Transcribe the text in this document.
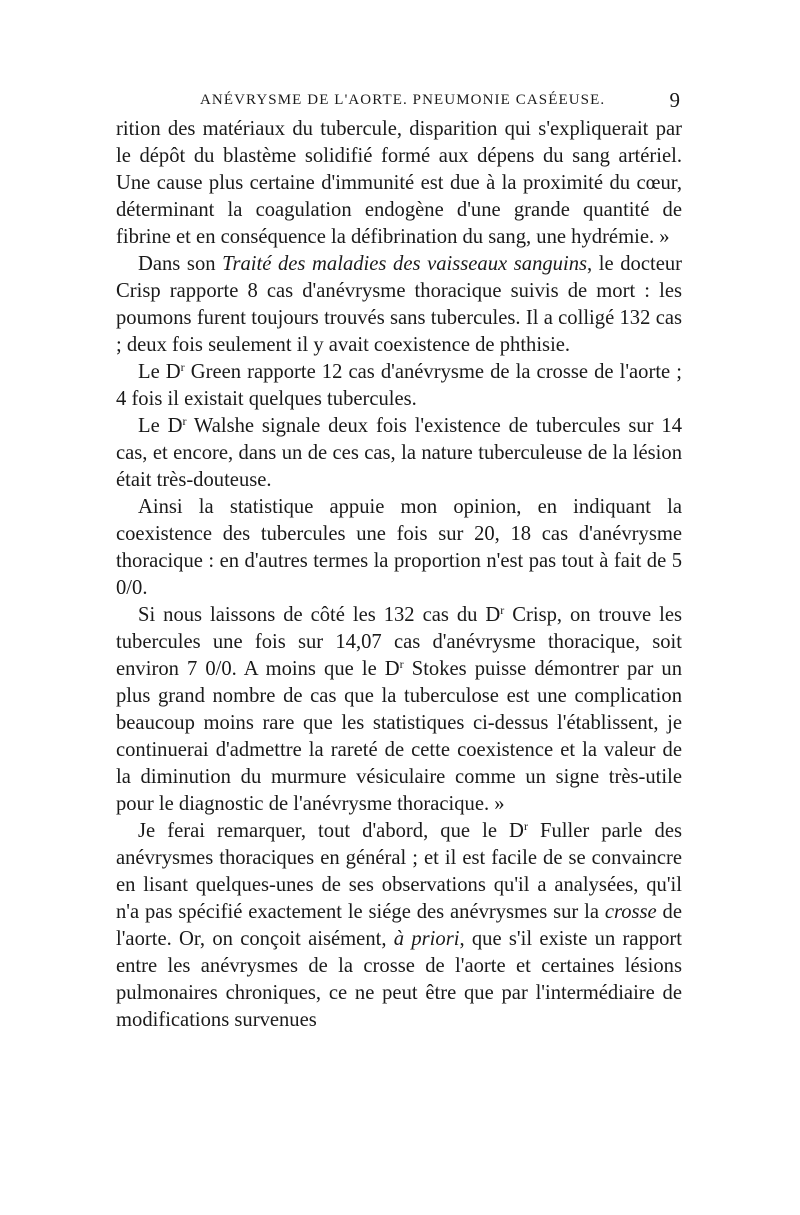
ANÉVRYSME DE L'AORTE. PNEUMONIE CASÉEUSE.	9

rition des matériaux du tubercule, disparition qui s'expliquerait par le dépôt du blastème solidifié formé aux dépens du sang artériel. Une cause plus certaine d'immunité est due à la proximité du cœur, déterminant la coagulation endogène d'une grande quantité de fibrine et en conséquence la défibrination du sang, une hydrémie. »

Dans son Traité des maladies des vaisseaux sanguins, le docteur Crisp rapporte 8 cas d'anévrysme thoracique suivis de mort : les poumons furent toujours trouvés sans tubercules. Il a colligé 132 cas ; deux fois seulement il y avait coexistence de phthisie.

Le $D^r$ Green rapporte 12 cas d'anévrysme de la crosse de l'aorte ; 4 fois il existait quelques tubercules.

Le $D^r$ Walshe signale deux fois l'existence de tubercules sur 14 cas, et encore, dans un de ces cas, la nature tuberculeuse de la lésion était très-douteuse.

Ainsi la statistique appuie mon opinion, en indiquant la coexistence des tubercules une fois sur 20, 18 cas d'anévrysme thoracique : en d'autres termes la proportion n'est pas tout à fait de 5 0/0.

Si nous laissons de côté les 132 cas du $D^r$ Crisp, on trouve les tubercules une fois sur 14,07 cas d'anévrysme thoracique, soit environ 7 0/0. A moins que le $D^r$ Stokes puisse démontrer par un plus grand nombre de cas que la tuberculose est une complication beaucoup moins rare que les statistiques ci-dessus l'établissent, je continuerai d'admettre la rareté de cette coexistence et la valeur de la diminution du murmure vésiculaire comme un signe très-utile pour le diagnostic de l'anévrysme thoracique. »

Je ferai remarquer, tout d'abord, que le $D^r$ Fuller parle des anévrysmes thoraciques en général ; et il est facile de se convaincre en lisant quelques-unes de ses observations qu'il a analysées, qu'il n'a pas spécifié exactement le siége des anévrysmes sur la crosse de l'aorte. Or, on conçoit aisément, à priori, que s'il existe un rapport entre les anévrysmes de la crosse de l'aorte et certaines lésions pulmonaires chroniques, ce ne peut être que par l'intermédiaire de modifications survenues
